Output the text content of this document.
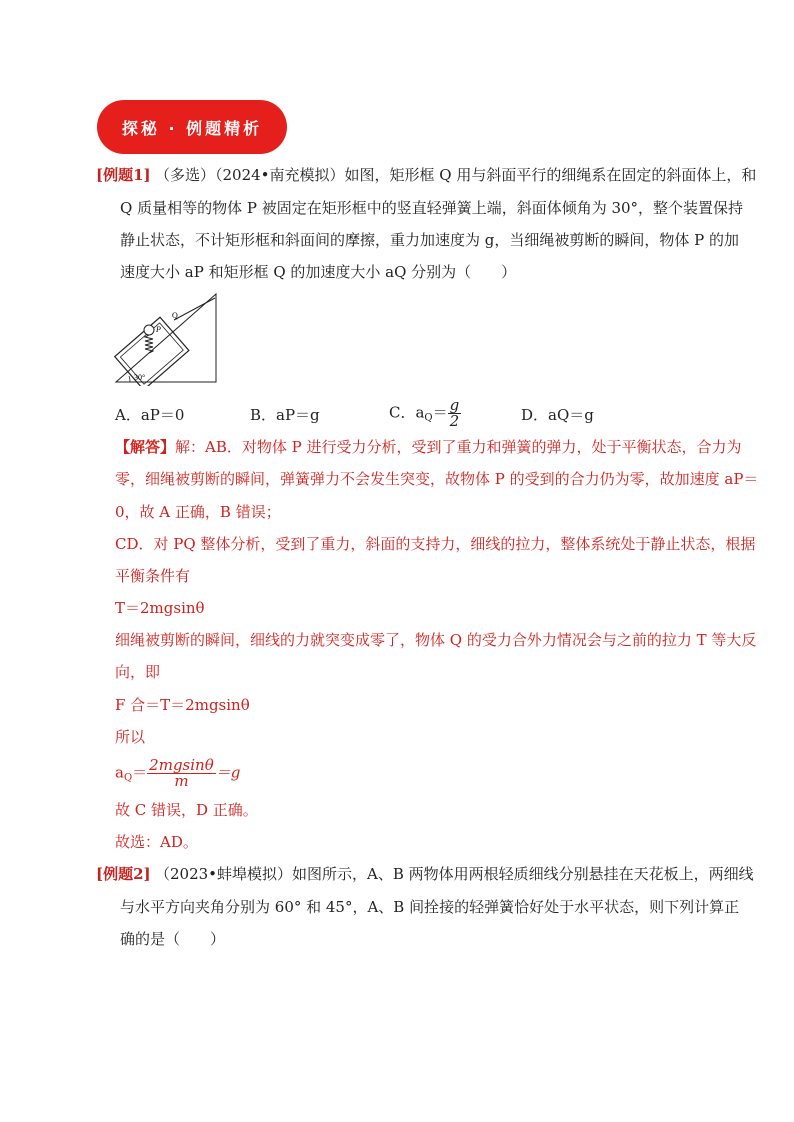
探秘 · 例题精析
[例题1] （多选）（2024•南充模拟）如图，矩形框 Q 用与斜面平行的细绳系在固定的斜面体上，和
Q 质量相等的物体 P 被固定在矩形框中的竖直轻弹簧上端，斜面体倾角为 30°，整个装置保持
静止状态，不计矩形框和斜面间的摩擦，重力加速度为 g，当细绳被剪断的瞬间，物体 P 的加
速度大小 aP 和矩形框 Q 的加速度大小 aQ 分别为（　　）
P
Q
30°
A．aP＝0	B．aP＝g	C．$a_Q= \frac{g}{2}$	D．aQ＝g
【解答】解：AB．对物体 P 进行受力分析，受到了重力和弹簧的弹力，处于平衡状态，合力为
零，细绳被剪断的瞬间，弹簧弹力不会发生突变，故物体 P 的受到的合力仍为零，故加速度 aP＝
0，故 A 正确，B 错误；
CD．对 PQ 整体分析，受到了重力，斜面的支持力，细线的拉力，整体系统处于静止状态，根据
平衡条件有
T＝2mgsinθ
细绳被剪断的瞬间，细线的力就突变成零了，物体 Q 的受力合外力情况会与之前的拉力 T 等大反
向，即
F 合＝T＝2mgsinθ
所以
$a_Q= \frac{2mgsin\theta}{m} =g$
故 C 错误，D 正确。
故选：AD。
[例题2] （2023•蚌埠模拟）如图所示，A、B 两物体用两根轻质细线分别悬挂在天花板上，两细线
与水平方向夹角分别为 60° 和 45°，A、B 间拴接的轻弹簧恰好处于水平状态，则下列计算正
确的是（　　）
